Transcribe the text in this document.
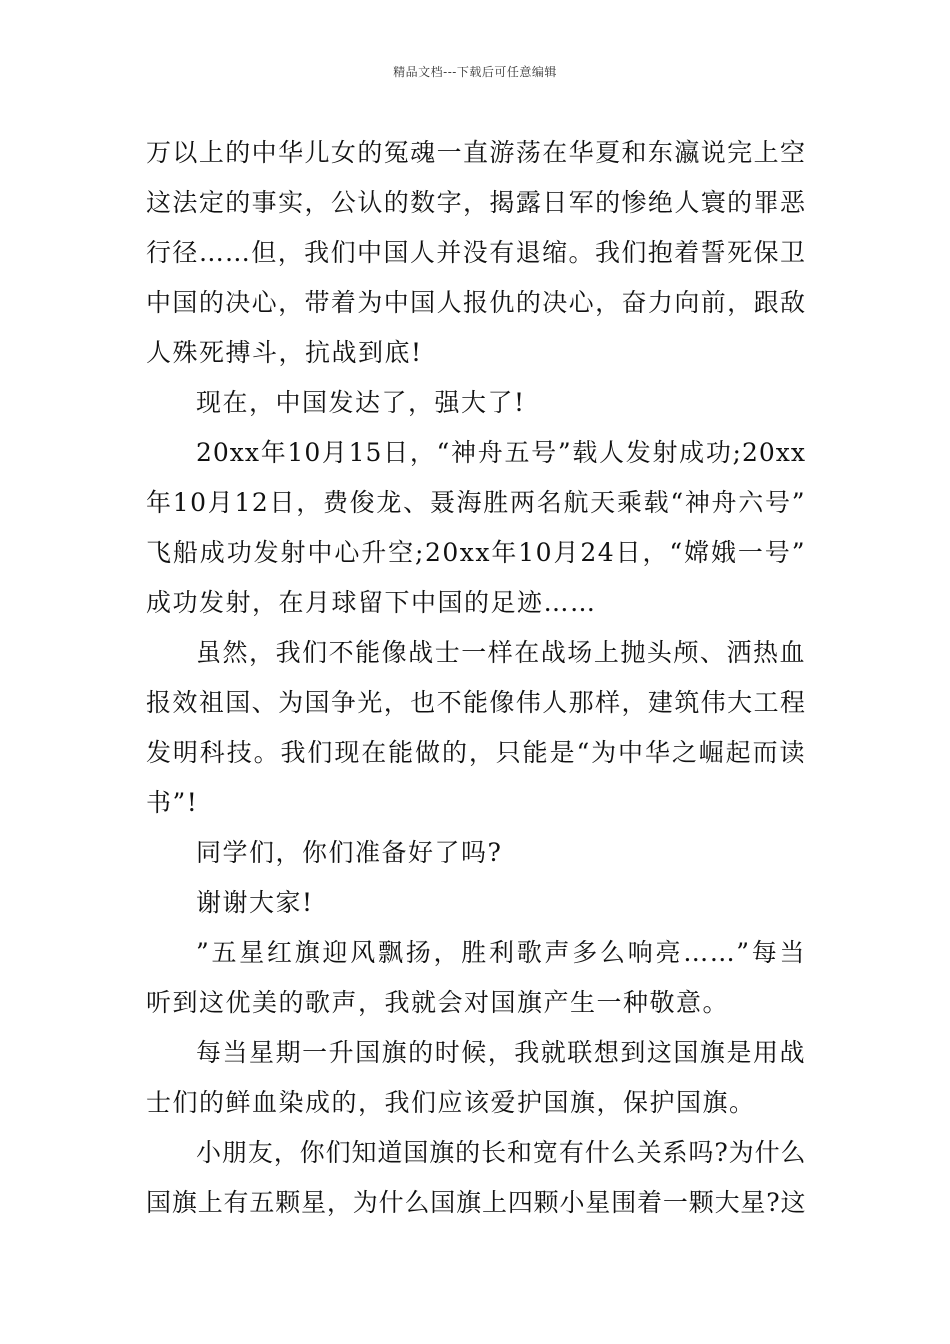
精品文档---下载后可任意编辑
万以上的中华儿女的冤魂一直游荡在华夏和东瀛说完上空
这法定的事实，公认的数字，揭露日军的惨绝人寰的罪恶
行径……但，我们中国人并没有退缩。我们抱着誓死保卫
中国的决心，带着为中国人报仇的决心，奋力向前，跟敌
人殊死搏斗，抗战到底!
现在，中国发达了，强大了!
20xx年10月15日，“神舟五号”载人发射成功;20xx
年10月12日，费俊龙、聂海胜两名航天乘载“神舟六号”
飞船成功发射中心升空;20xx年10月24日，“嫦娥一号”
成功发射，在月球留下中国的足迹……
虽然，我们不能像战士一样在战场上抛头颅、洒热血
报效祖国、为国争光，也不能像伟人那样，建筑伟大工程
发明科技。我们现在能做的，只能是“为中华之崛起而读
书”!
同学们，你们准备好了吗?
谢谢大家!
”五星红旗迎风飘扬，胜利歌声多么响亮……”每当
听到这优美的歌声，我就会对国旗产生一种敬意。
每当星期一升国旗的时候，我就联想到这国旗是用战
士们的鲜血染成的，我们应该爱护国旗，保护国旗。
小朋友，你们知道国旗的长和宽有什么关系吗?为什么
国旗上有五颗星，为什么国旗上四颗小星围着一颗大星?这
